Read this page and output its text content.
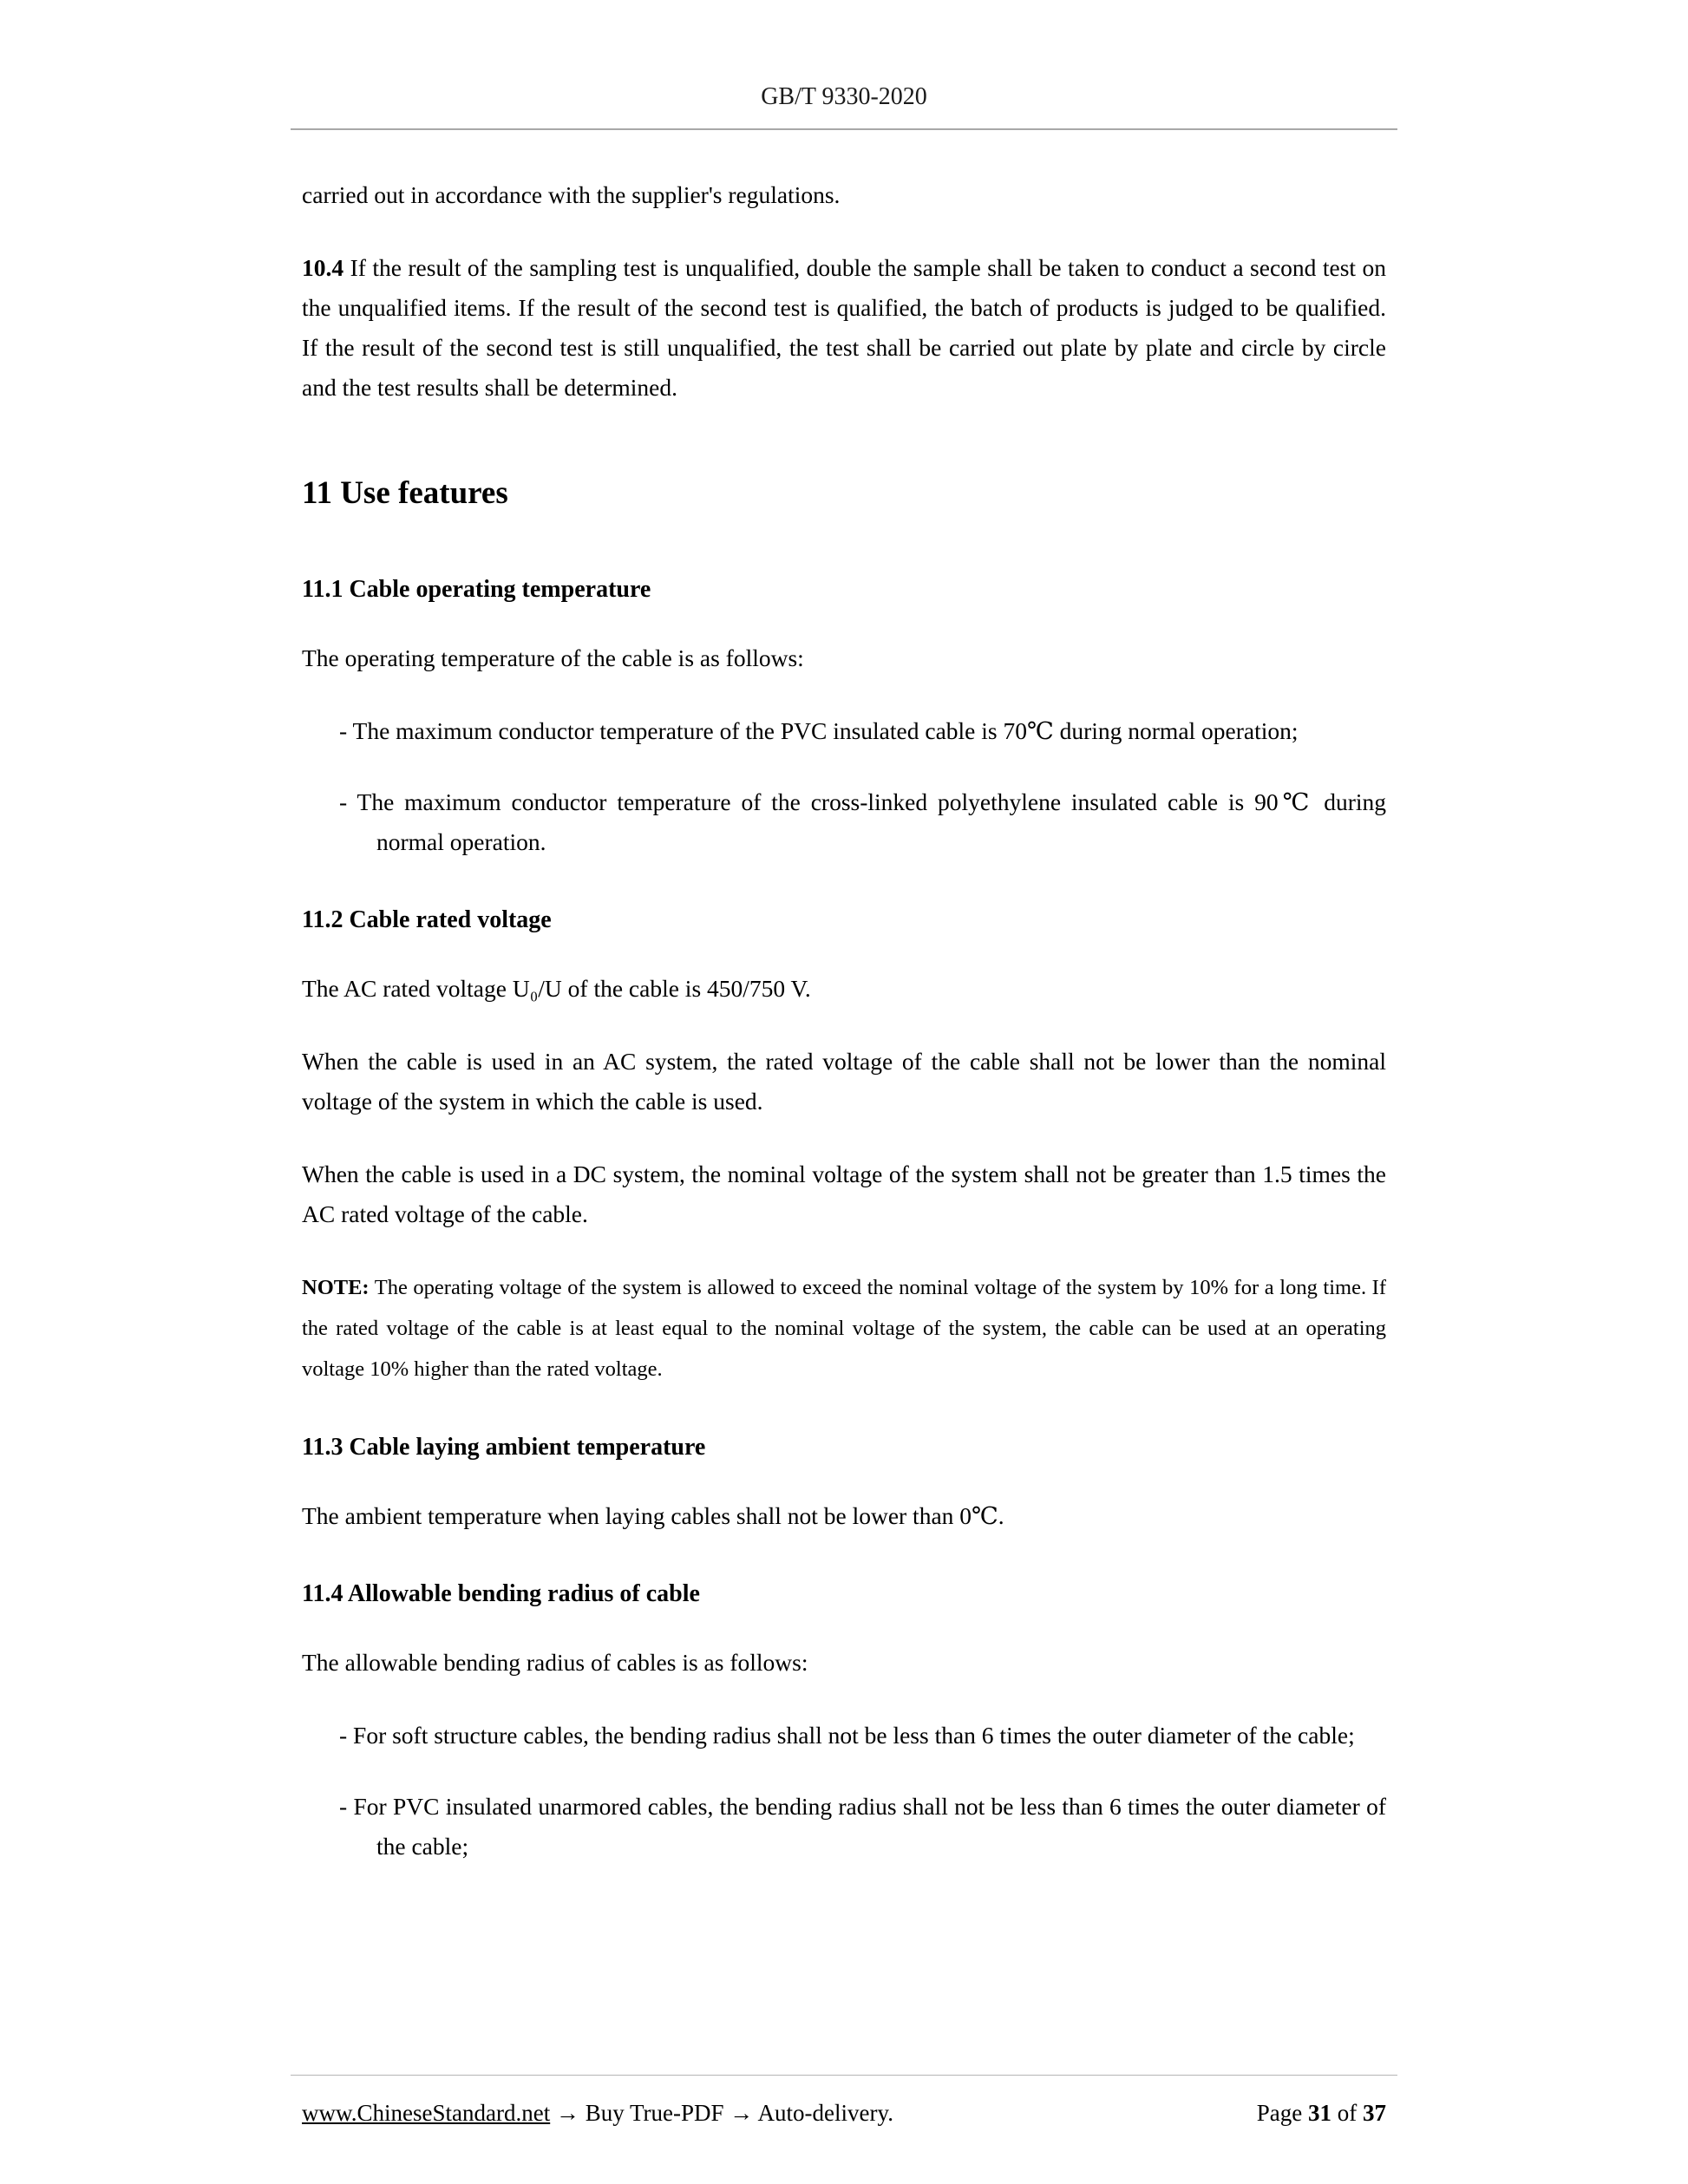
GB/T 9330-2020

carried out in accordance with the supplier's regulations.

10.4 If the result of the sampling test is unqualified, double the sample shall be taken to conduct a second test on the unqualified items. If the result of the second test is qualified, the batch of products is judged to be qualified. If the result of the second test is still unqualified, the test shall be carried out plate by plate and circle by circle and the test results shall be determined.

11 Use features
11.1 Cable operating temperature

The operating temperature of the cable is as follows:

- The maximum conductor temperature of the PVC insulated cable is 70℃ during normal operation;
- The maximum conductor temperature of the cross-linked polyethylene insulated cable is 90℃ during normal operation.
11.2 Cable rated voltage

The AC rated voltage U₀/U of the cable is 450/750 V.

When the cable is used in an AC system, the rated voltage of the cable shall not be lower than the nominal voltage of the system in which the cable is used.

When the cable is used in a DC system, the nominal voltage of the system shall not be greater than 1.5 times the AC rated voltage of the cable.

NOTE: The operating voltage of the system is allowed to exceed the nominal voltage of the system by 10% for a long time. If the rated voltage of the cable is at least equal to the nominal voltage of the system, the cable can be used at an operating voltage 10% higher than the rated voltage.

11.3 Cable laying ambient temperature

The ambient temperature when laying cables shall not be lower than 0℃.

11.4 Allowable bending radius of cable

The allowable bending radius of cables is as follows:

- For soft structure cables, the bending radius shall not be less than 6 times the outer diameter of the cable;
- For PVC insulated unarmored cables, the bending radius shall not be less than 6 times the outer diameter of the cable;
www.ChineseStandard.net → Buy True-PDF → Auto-delivery.	Page 31 of 37
